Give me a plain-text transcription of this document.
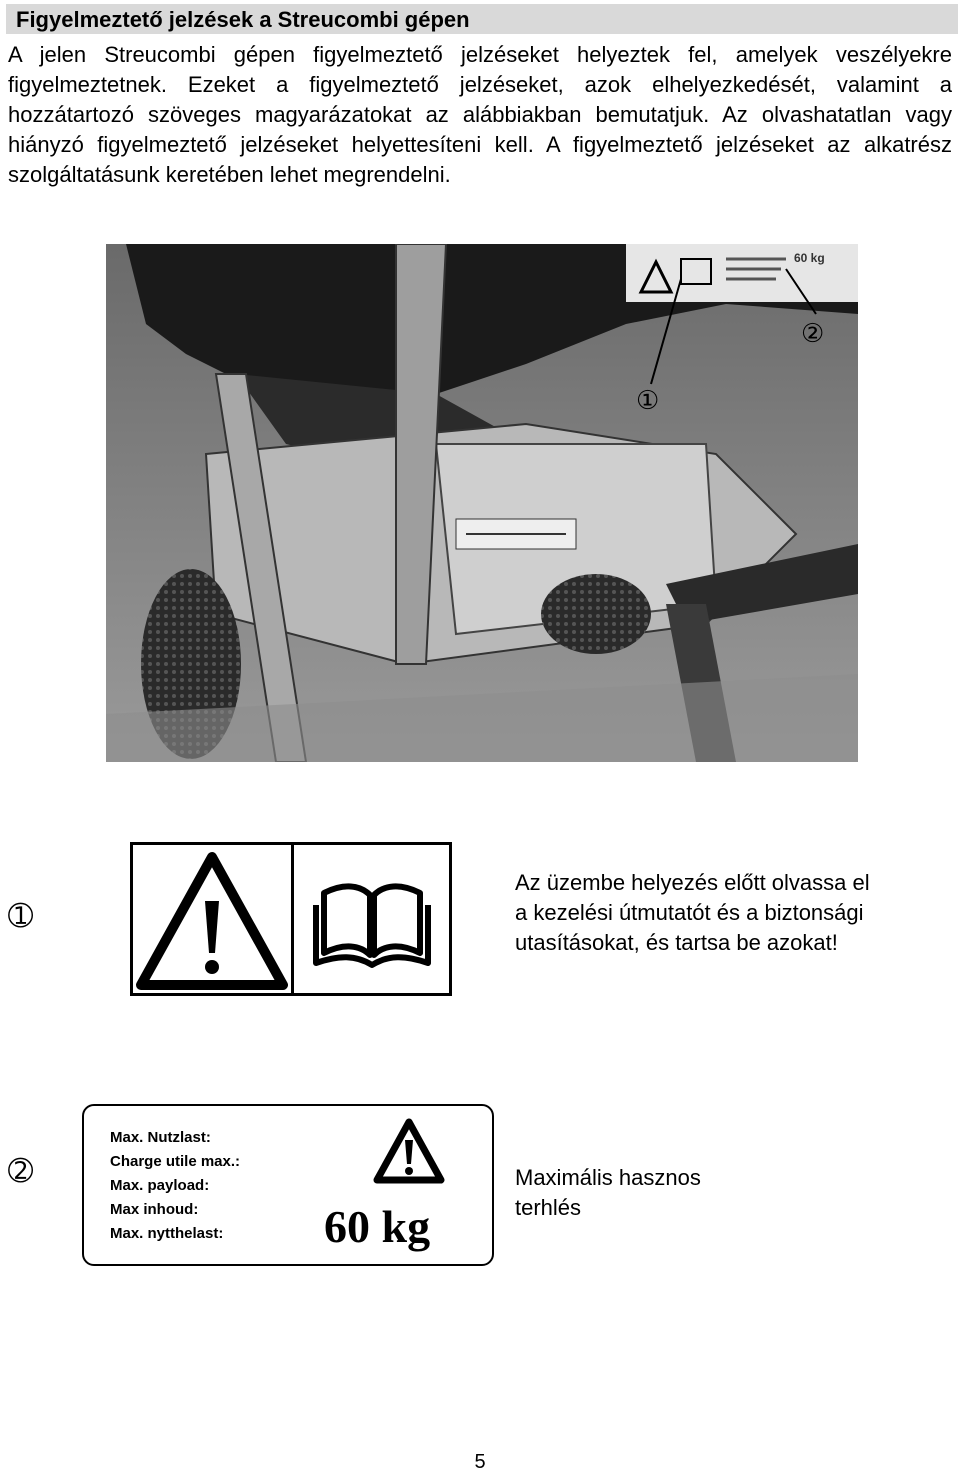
Figyelmeztető jelzések a Streucombi gépen

A jelen Streucombi gépen figyelmeztető jelzéseket helyeztek fel, amelyek veszélyekre figyelmeztetnek. Ezeket a figyelmeztető jelzéseket, azok elhelyezkedését, valamint a hozzátartozó szöveges magyarázatokat az alábbiakban bemutatjuk. Az olvashatatlan vagy hiányzó figyelmeztető jelzéseket helyettesíteni kell. A figyelmeztető jelzéseket az alkatrész szolgáltatásunk keretében lehet megrendelni.

60 kg
①
②
➀
Az üzembe helyezés előtt olvassa el
a kezelési útmutatót és a biztonsági
utasításokat, és tartsa be azokat!
➁
Max. Nutzlast:
Charge utile max.:
Max. payload:
Max inhoud:
Max. nytthelast:	60 kg
Maximális hasznos
terhlés
5
